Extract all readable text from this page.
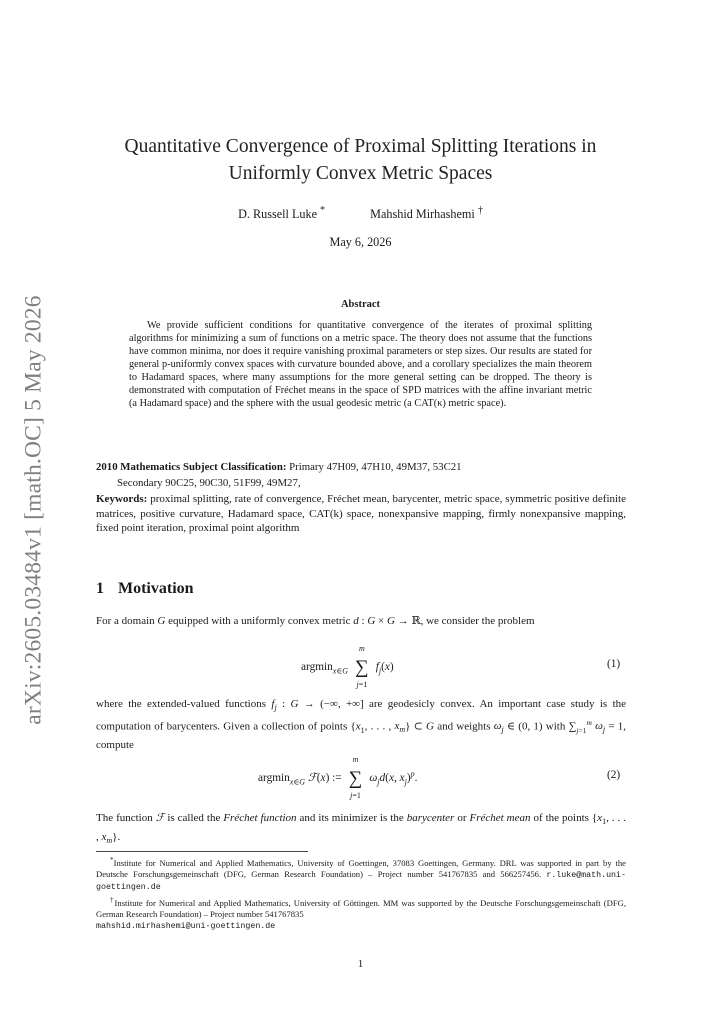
arXiv:2605.03484v1 [math.OC] 5 May 2026
Quantitative Convergence of Proximal Splitting Iterations in
Uniformly Convex Metric Spaces
D. Russell Luke *	Mahshid Mirhashemi †
May 6, 2026
Abstract

We provide sufficient conditions for quantitative convergence of the iterates of proximal splitting algorithms for minimizing a sum of functions on a metric space. The theory does not assume that the functions have common minima, nor does it require vanishing proximal parameters or step sizes. Our results are stated for general p-uniformly convex spaces with curvature bounded above, and a corollary specializes the main theorem to Hadamard spaces, where many assumptions for the more general setting can be dropped. The theory is demonstrated with computation of Fréchet means in the space of SPD matrices with the affine invariant metric (a Hadamard space) and the sphere with the usual geodesic metric (a CAT(κ) metric space).

2010 Mathematics Subject Classification: Primary 47H09, 47H10, 49M37, 53C21
Secondary 90C25, 90C30, 51F99, 49M27,
Keywords: proximal splitting, rate of convergence, Fréchet mean, barycenter, metric space, symmetric positive definite matrices, positive curvature, Hadamard space, CAT(k) space, nonexpansive mapping, firmly nonexpansive mapping, fixed point iteration, proximal point algorithm
1 Motivation
For a domain G equipped with a uniformly convex metric d : G × G → ℝ, we consider the problem
argmin$_{x\in G}$
m
∑
j=1
$f_j(x)$	(1)
where the extended-valued functions $f_j$ : G → (−∞, +∞] are geodesicly convex. An important case study is the computation of barycenters. Given a collection of points {$x_1$, . . . , $x_m$} ⊂ G and weights $\omega_j$ ∈ (0, 1) with $\sum_{j=1}^m$ $\omega_j = 1$, compute
argmin$_{x\in G}$ ℱ(x) :=
m
∑
j=1
$\omega_jd(x$, $x_j)^p$.	(2)
The function ℱ is called the Fréchet function and its minimizer is the barycenter or Fréchet mean of the points {$x_1$, . . . , $x_m$}.
*Institute for Numerical and Applied Mathematics, University of Goettingen, 37083 Goettingen, Germany. DRL was supported in part by the Deutsche Forschungsgemeinschaft (DFG, German Research Foundation) – Project number 541767835 and 566257456. r.luke@math.uni-goettingen.de
†Institute for Numerical and Applied Mathematics, University of Göttingen. MM was supported by the Deutsche Forschungsgemeinschaft (DFG, German Research Foundation) – Project number 541767835
mahshid.mirhashemi@uni-goettingen.de
1
